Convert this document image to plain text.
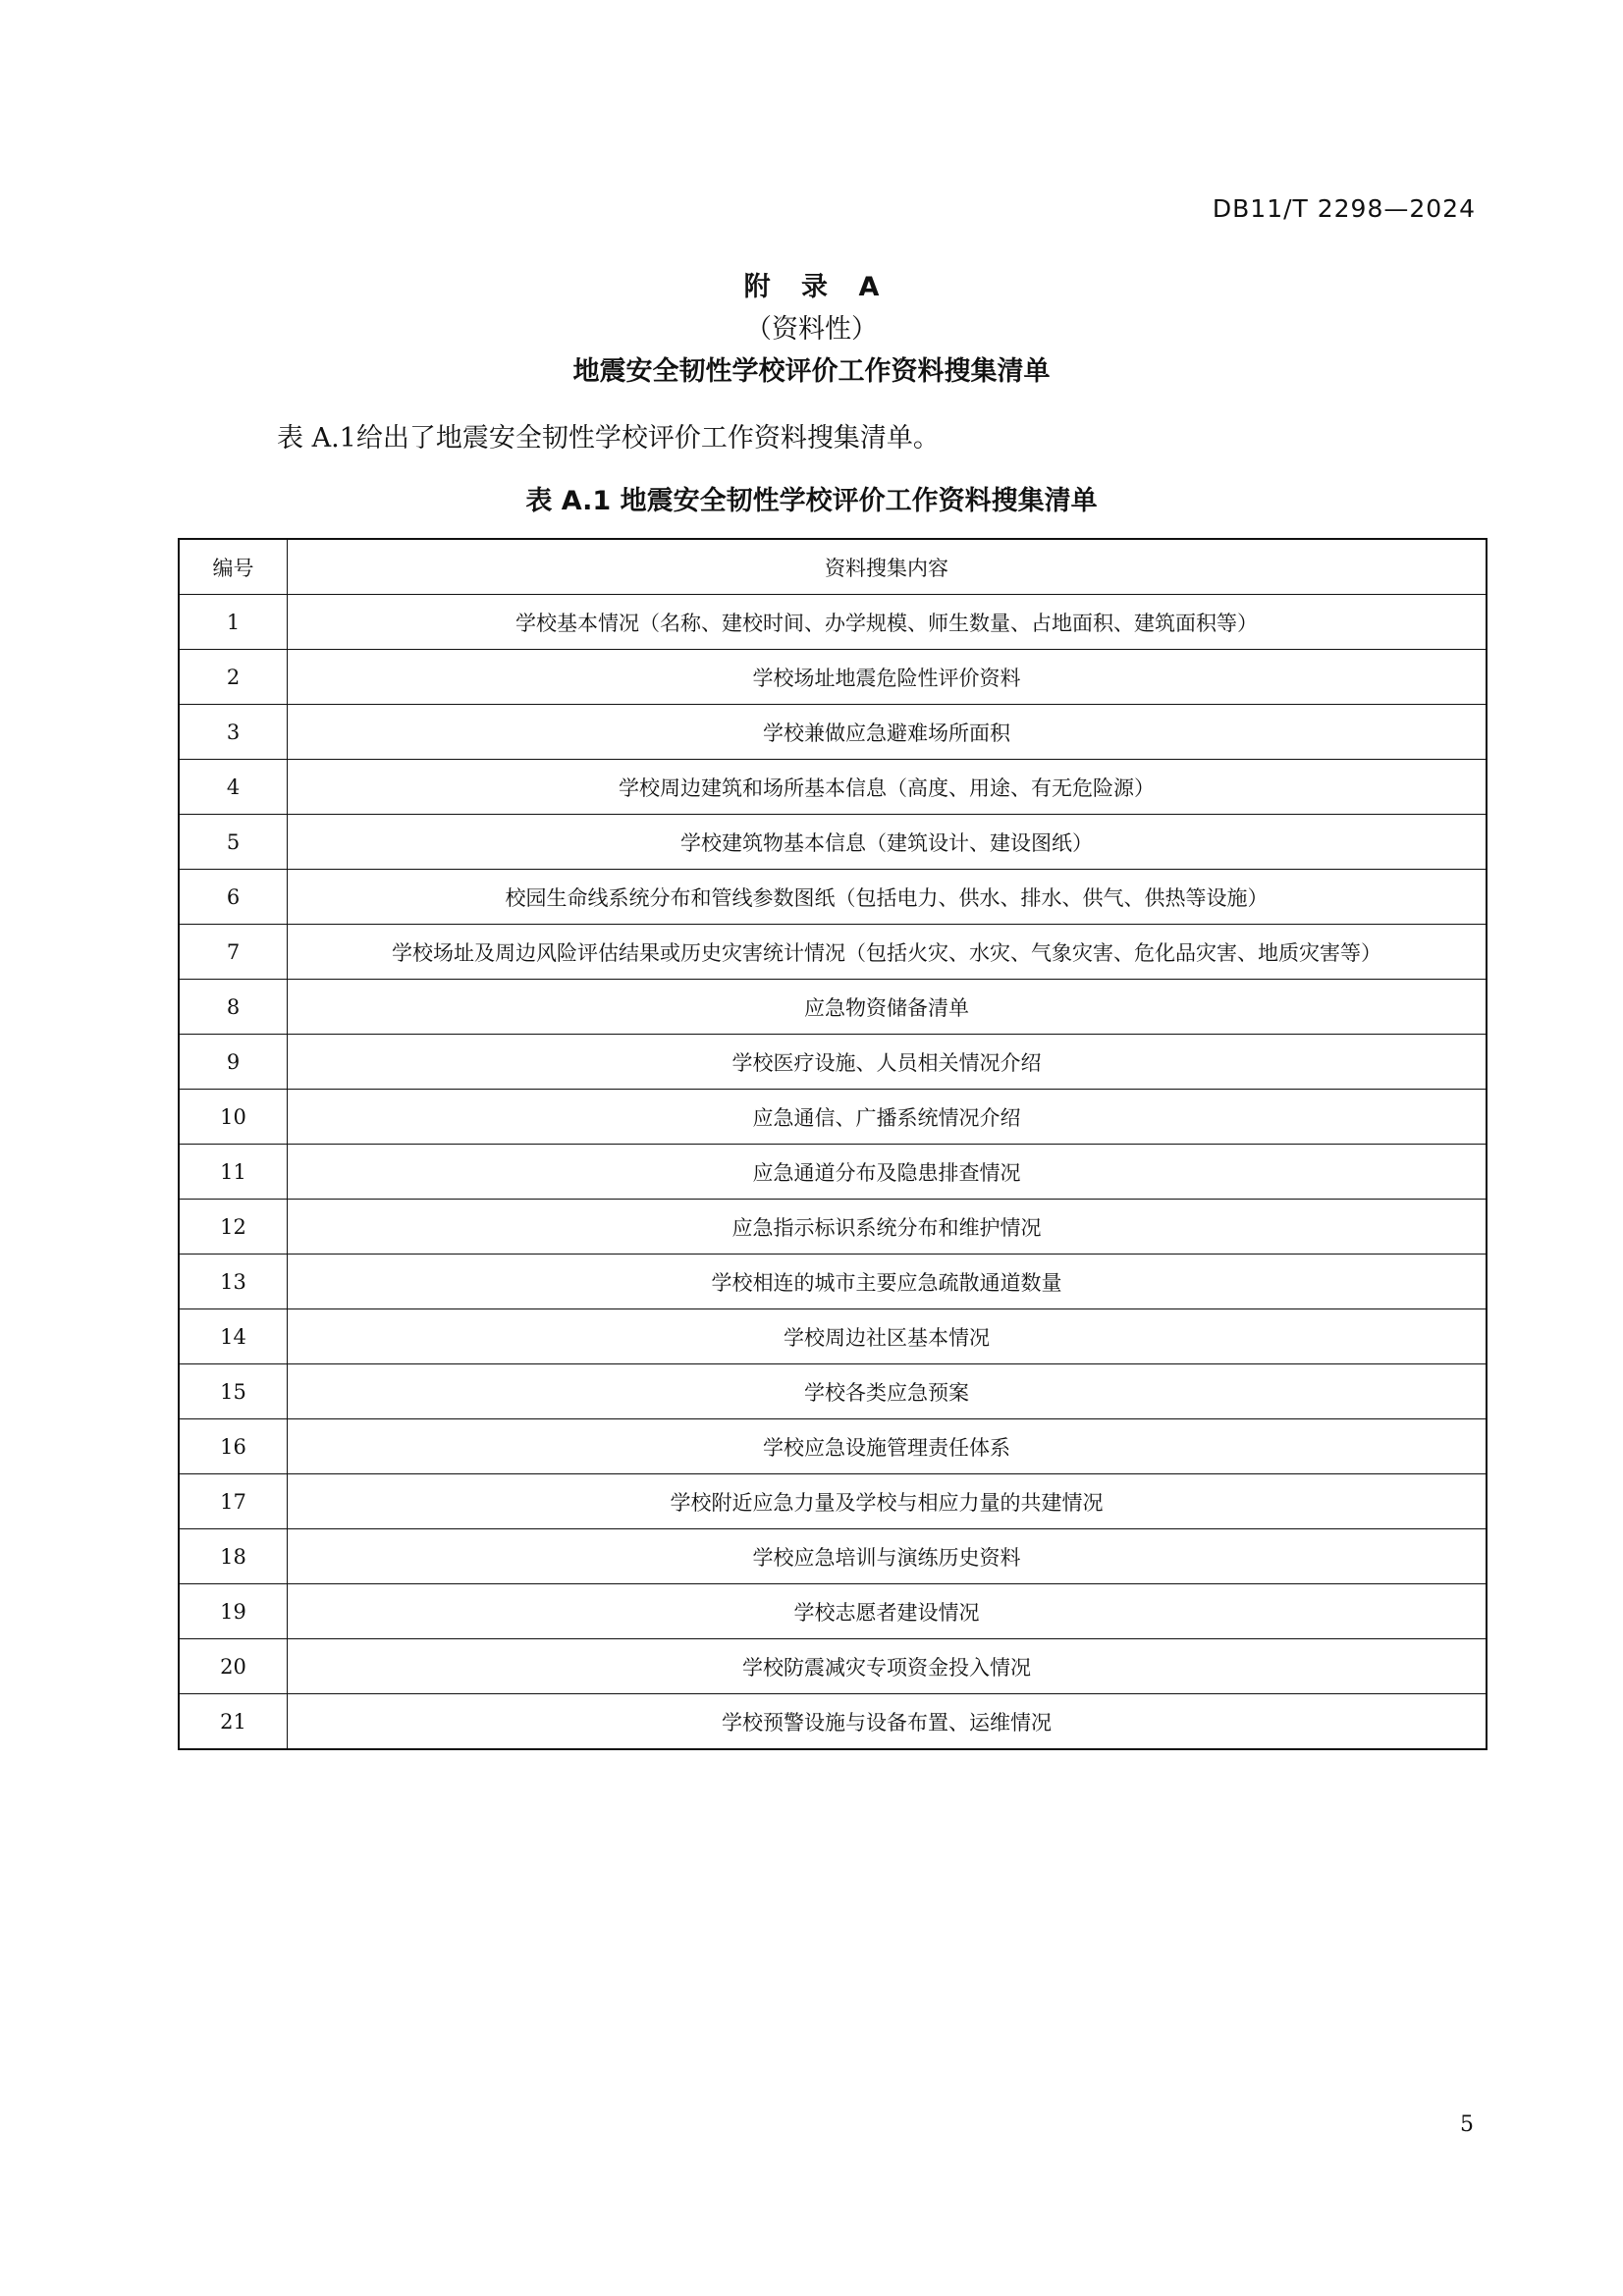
DB11/T 2298—2024
附 录 A
（资料性）
地震安全韧性学校评价工作资料搜集清单
表 A.1给出了地震安全韧性学校评价工作资料搜集清单。
表 A.1 地震安全韧性学校评价工作资料搜集清单
编号	资料搜集内容
1	学校基本情况（名称、建校时间、办学规模、师生数量、占地面积、建筑面积等）
2	学校场址地震危险性评价资料
3	学校兼做应急避难场所面积
4	学校周边建筑和场所基本信息（高度、用途、有无危险源）
5	学校建筑物基本信息（建筑设计、建设图纸）
6	校园生命线系统分布和管线参数图纸（包括电力、供水、排水、供气、供热等设施）
7	学校场址及周边风险评估结果或历史灾害统计情况（包括火灾、水灾、气象灾害、危化品灾害、地质灾害等）
8	应急物资储备清单
9	学校医疗设施、人员相关情况介绍
10	应急通信、广播系统情况介绍
11	应急通道分布及隐患排查情况
12	应急指示标识系统分布和维护情况
13	学校相连的城市主要应急疏散通道数量
14	学校周边社区基本情况
15	学校各类应急预案
16	学校应急设施管理责任体系
17	学校附近应急力量及学校与相应力量的共建情况
18	学校应急培训与演练历史资料
19	学校志愿者建设情况
20	学校防震减灾专项资金投入情况
21	学校预警设施与设备布置、运维情况
5
